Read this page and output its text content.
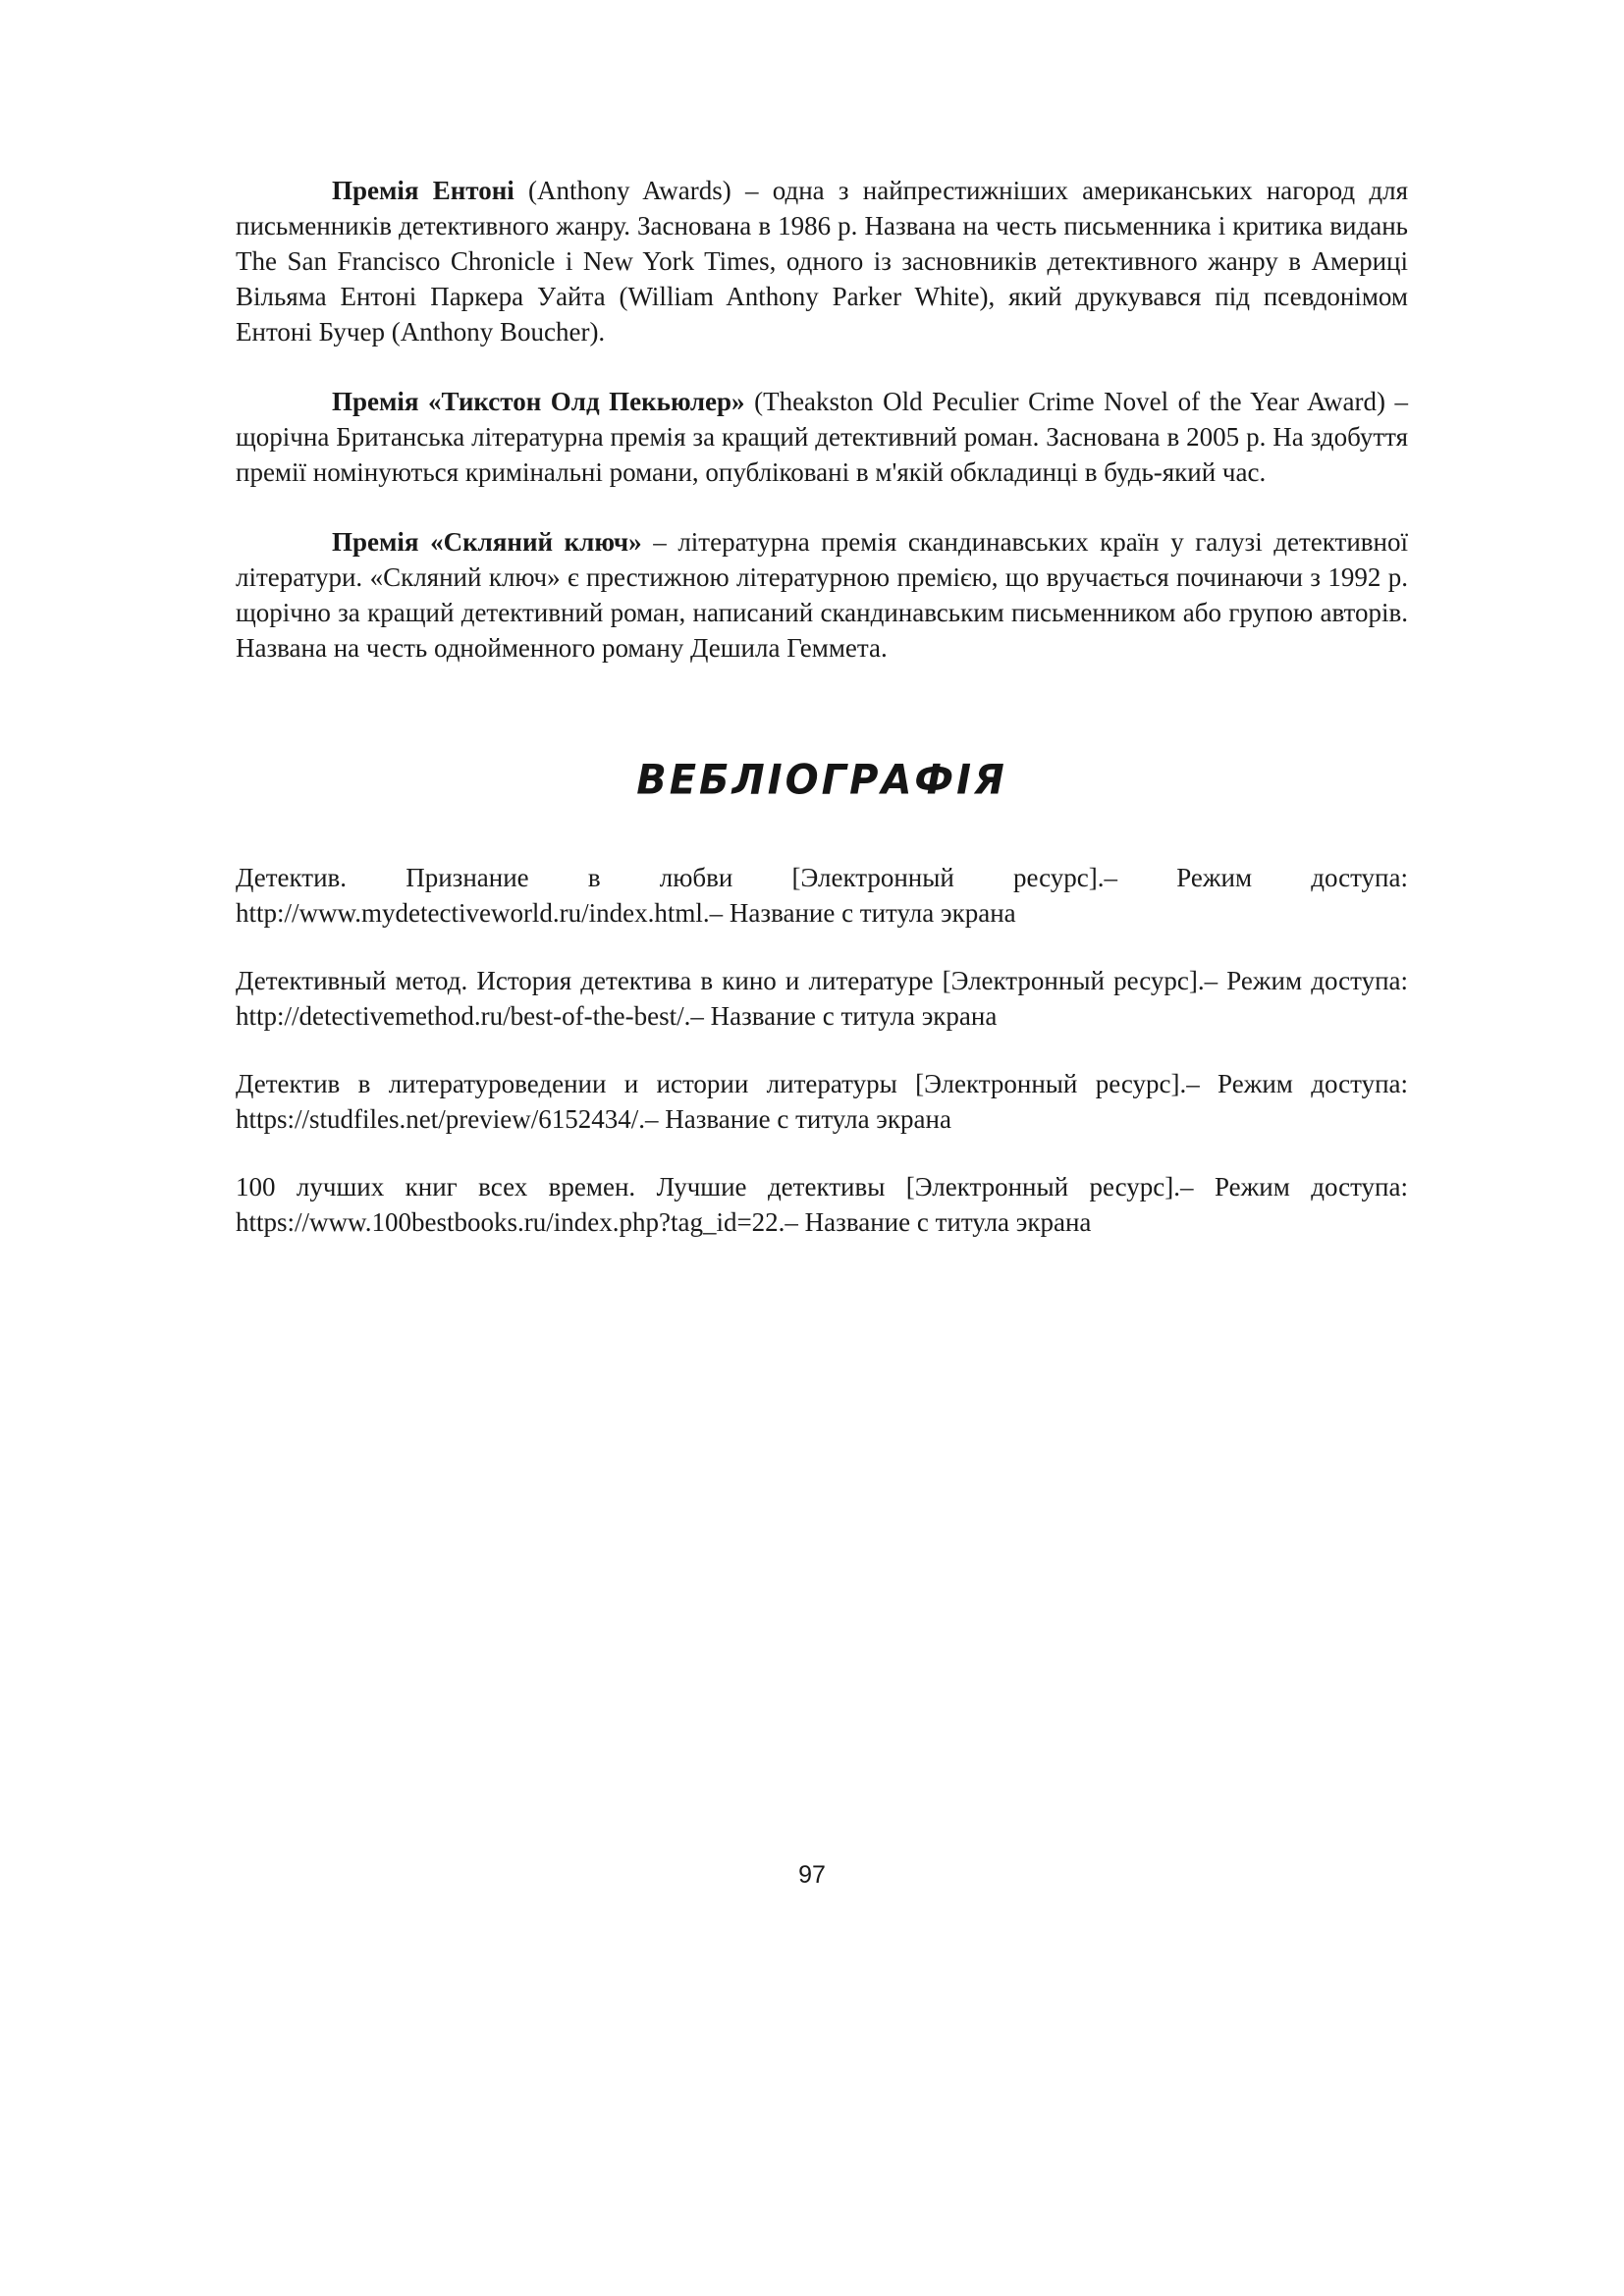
Премія Ентоні (Anthony Awards) – одна з найпрестижніших американських нагород для письменників детективного жанру. Заснована в 1986 р. Названа на честь письменника і критика видань The San Francisco Chronicle і New York Times, одного із засновників детективного жанру в Америці Вільяма Ентоні Паркера Уайта (William Anthony Parker White), який друкувався під псевдонімом Ентоні Бучер (Anthony Boucher).

Премія «Тикстон Олд Пекьюлер» (Theakston Old Peculier Crime Novel of the Year Award) – щорічна Британська літературна премія за кращий детективний роман. Заснована в 2005 р. На здобуття премії номінуються кримінальні романи, опубліковані в м'якій обкладинці в будь-який час.

Премія «Скляний ключ» – літературна премія скандинавських країн у галузі детективної літератури. «Скляний ключ» є престижною літературною премією, що вручається починаючи з 1992 р. щорічно за кращий детективний роман, написаний скандинавським письменником або групою авторів. Названа на честь однойменного роману Дешила Геммета.

ВЕБЛІОГРАФІЯ

Детектив. Признание в любви [Электронный ресурс].– Режим доступа: http://www.mydetectiveworld.ru/index.html.– Название с титула экрана

Детективный метод. История детектива в кино и литературе [Электронный ресурс].– Режим доступа: http://detectivemethod.ru/best-of-the-best/.– Название с титула экрана

Детектив в литературоведении и истории литературы [Электронный ресурс].– Режим доступа: https://studfiles.net/preview/6152434/.– Название с титула экрана

100 лучших книг всех времен. Лучшие детективы [Электронный ресурс].– Режим доступа: https://www.100bestbooks.ru/index.php?tag_id=22.– Название с титула экрана

97
